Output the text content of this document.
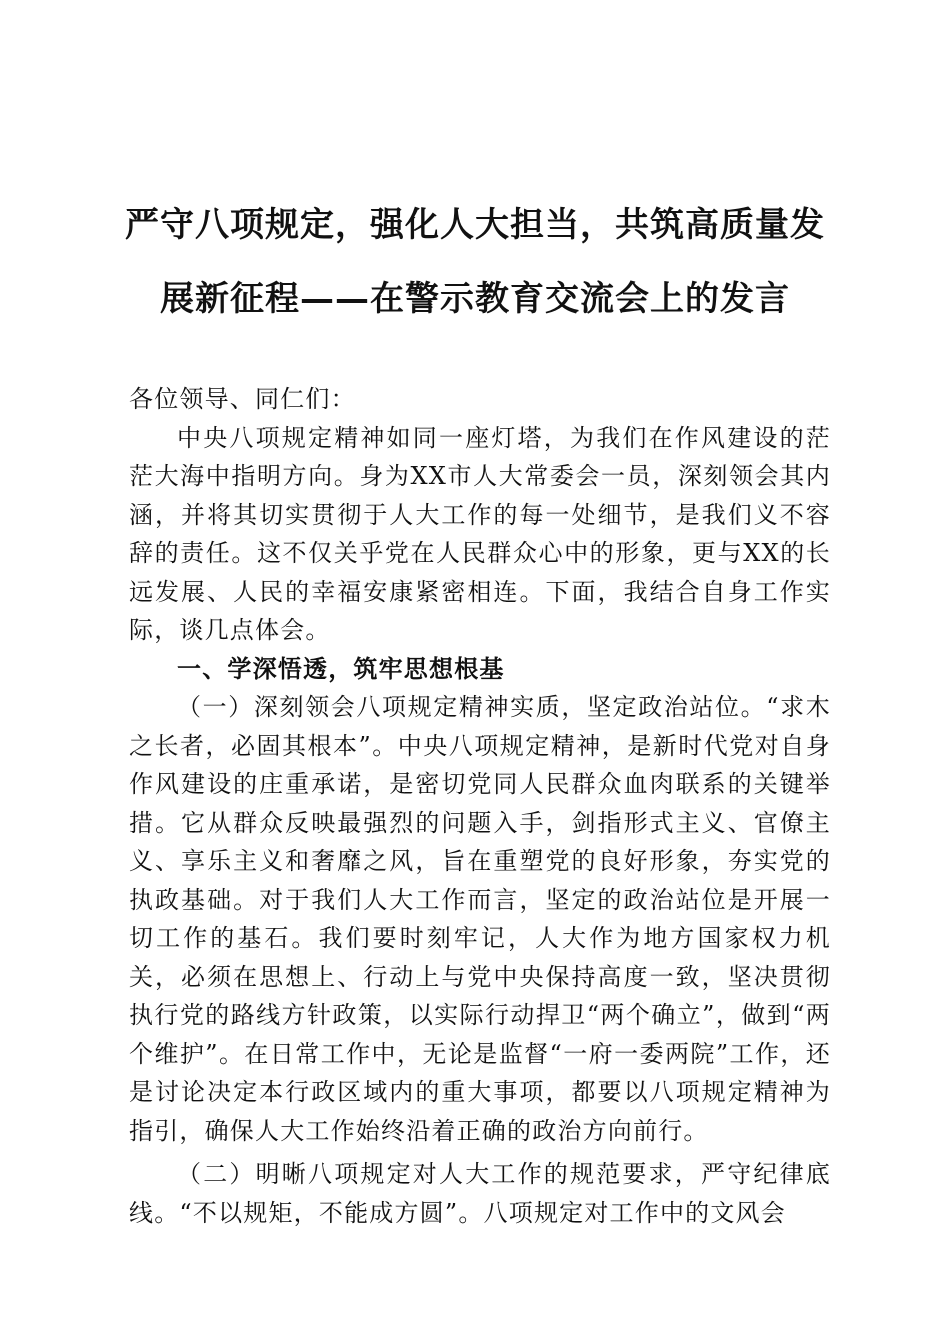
严守八项规定，强化人大担当，共筑高质量发
展新征程——在警示教育交流会上的发言

各位领导、同仁们：

中央八项规定精神如同一座灯塔，为我们在作风建设的茫茫大海中指明方向。身为XX市人大常委会一员，深刻领会其内涵，并将其切实贯彻于人大工作的每一处细节，是我们义不容辞的责任。这不仅关乎党在人民群众心中的形象，更与XX的长远发展、人民的幸福安康紧密相连。下面，我结合自身工作实际，谈几点体会。

一、学深悟透，筑牢思想根基

（一）深刻领会八项规定精神实质，坚定政治站位。“求木之长者，必固其根本”。中央八项规定精神，是新时代党对自身作风建设的庄重承诺，是密切党同人民群众血肉联系的关键举措。它从群众反映最强烈的问题入手，剑指形式主义、官僚主义、享乐主义和奢靡之风，旨在重塑党的良好形象，夯实党的执政基础。对于我们人大工作而言，坚定的政治站位是开展一切工作的基石。我们要时刻牢记，人大作为地方国家权力机关，必须在思想上、行动上与党中央保持高度一致，坚决贯彻执行党的路线方针政策，以实际行动捍卫“两个确立”，做到“两个维护”。在日常工作中，无论是监督“一府一委两院”工作，还是讨论决定本行政区域内的重大事项，都要以八项规定精神为指引，确保人大工作始终沿着正确的政治方向前行。

（二）明晰八项规定对人大工作的规范要求，严守纪律底线。“不以规矩，不能成方圆”。八项规定对工作中的文风会
